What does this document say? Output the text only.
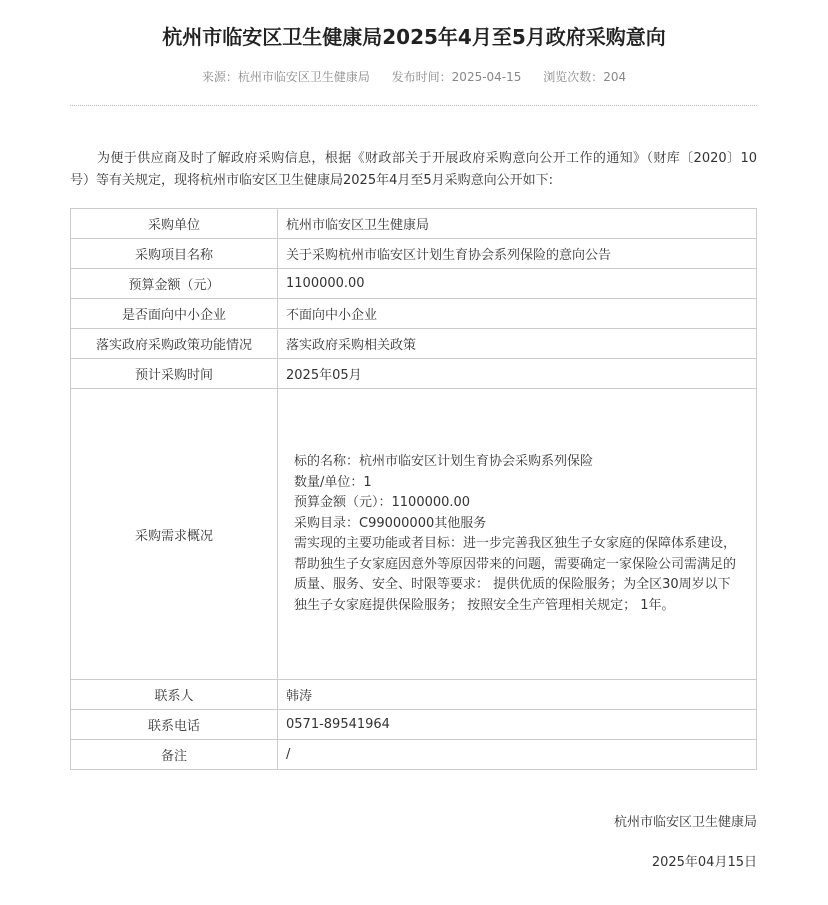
杭州市临安区卫生健康局2025年4月至5月政府采购意向
来源：杭州市临安区卫生健康局 发布时间：2025-04-15 浏览次数：204

为便于供应商及时了解政府采购信息，根据《财政部关于开展政府采购意向公开工作的通知》（财库〔2020〕10号）等有关规定，现将杭州市临安区卫生健康局2025年4月至5月采购意向公开如下:

采购单位	杭州市临安区卫生健康局
采购项目名称	关于采购杭州市临安区计划生育协会系列保险的意向公告
预算金额（元）	1100000.00
是否面向中小企业	不面向中小企业
落实政府采购政策功能情况	落实政府采购相关政策
预计采购时间	2025年05月
采购需求概况	标的名称：杭州市临安区计划生育协会采购系列保险
数量/单位：1
预算金额（元）：1100000.00
采购目录：C99000000其他服务
需实现的主要功能或者目标：进一步完善我区独生子女家庭的保障体系建设，帮助独生子女家庭因意外等原因带来的问题，需要确定一家保险公司需满足的质量、服务、安全、时限等要求： 提供优质的保险服务；为全区30周岁以下独生子女家庭提供保险服务； 按照安全生产管理相关规定； 1年。

联系人	韩涛
联系电话	0571-89541964
备注	/
杭州市临安区卫生健康局
2025年04月15日
